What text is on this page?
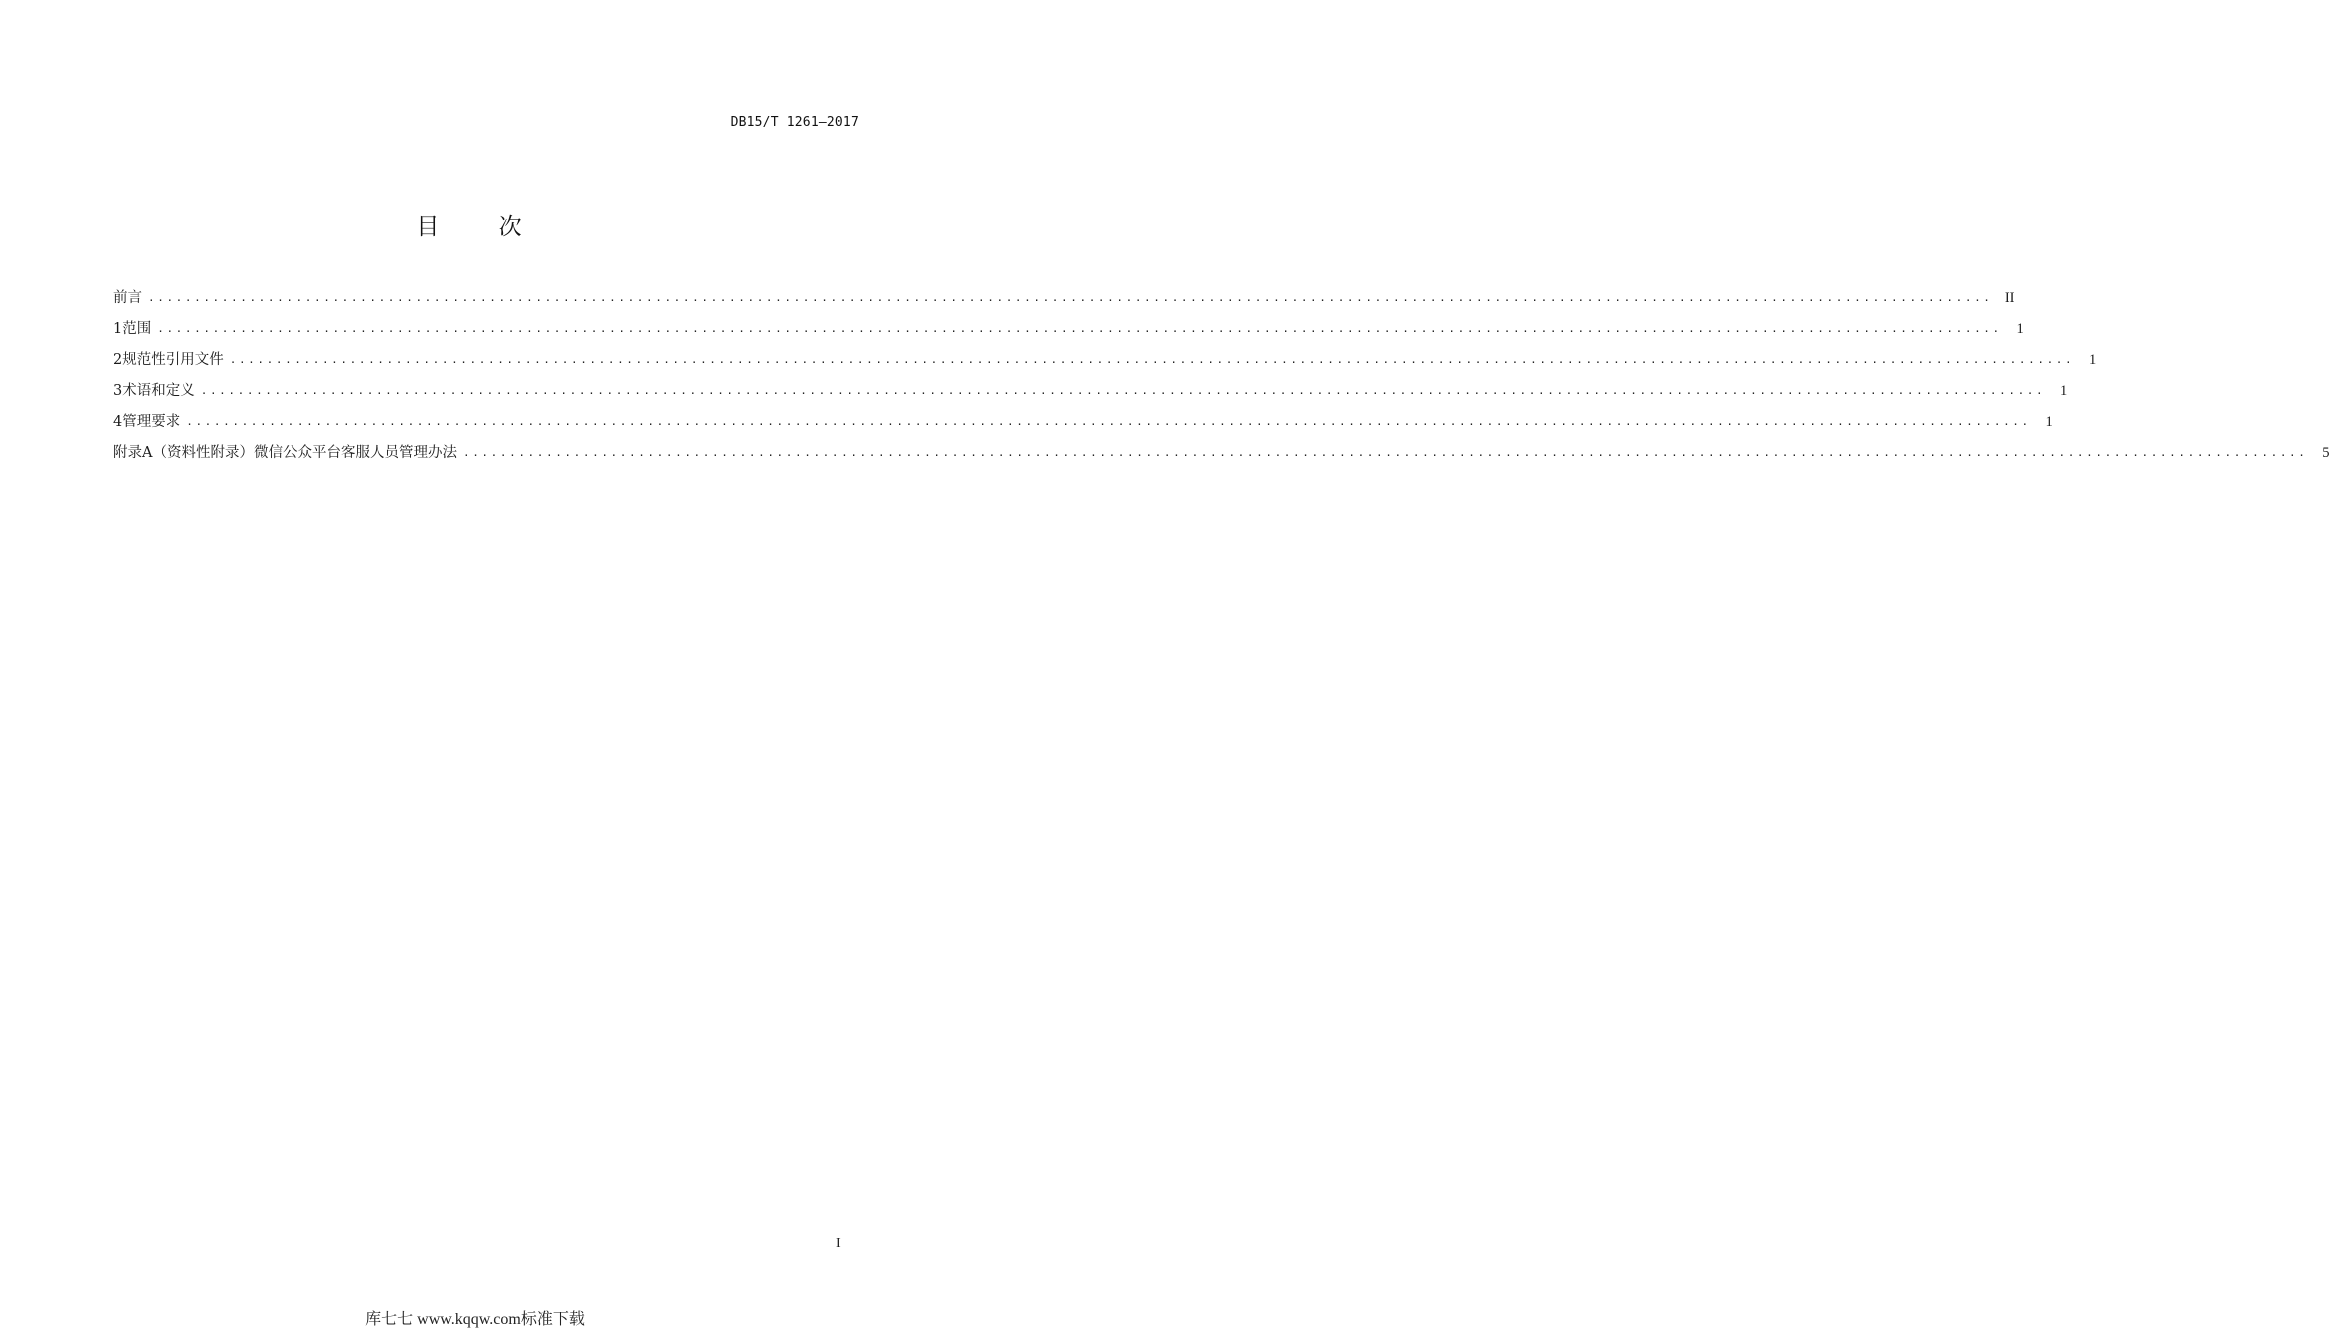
DB15/T 1261—2017
目 次
前言 ........................................................................................................................................................................................................ II
1 范围 ........................................................................................................................................................................................................	1
2 规范性引用文件 ........................................................................................................................................................................................................	1
3 术语和定义 ........................................................................................................................................................................................................	1
4 管理要求 ........................................................................................................................................................................................................	1
附录A（资料性附录） 微信公众平台客服人员管理办法 ........................................................................................................................................................................................................	5
I
库七七 www.kqqw.com标准下载
